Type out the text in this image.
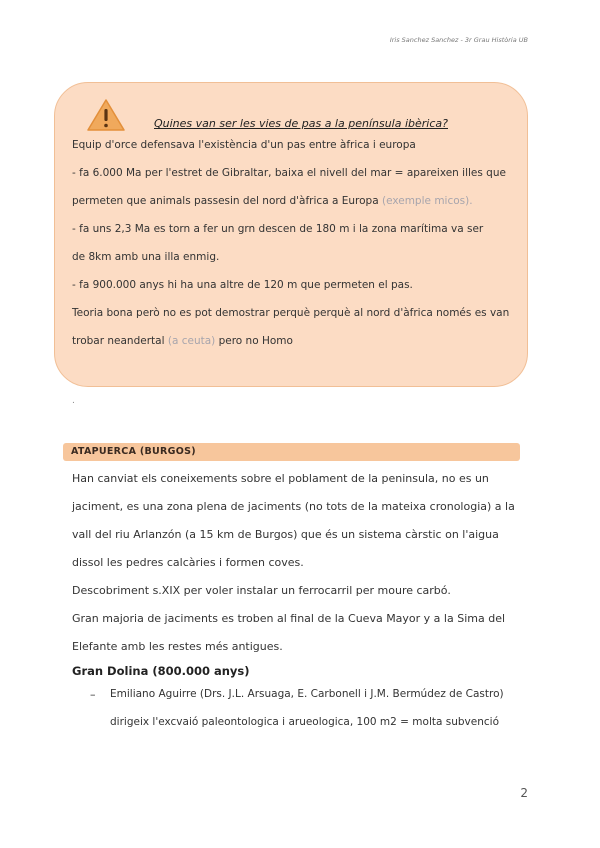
Iris Sanchez Sanchez - 3r Grau Història UB
Quines van ser les vies de pas a la península ibèrica?
Equip d'orce defensava l'existència d'un pas entre àfrica i europa
- fa 6.000 Ma per l'estret de Gibraltar, baixa el nivell del mar = apareixen illes que
permeten que animals passesin del nord d'àfrica a Europa (exemple micos).
- fa uns 2,3 Ma es torn a fer un grn descen de 180 m i la zona marítima va ser
de 8km amb una illa enmig.
- fa 900.000 anys hi ha una altre de 120 m que permeten el pas.
Teoria bona però no es pot demostrar perquè perquè al nord d'àfrica només es van
trobar neandertal (a ceuta) pero no Homo
.
ATAPUERCA (BURGOS)
Han canviat els coneixements sobre el poblament de la peninsula, no es un
jaciment, es una zona plena de jaciments (no tots de la mateixa cronologia) a la
vall del riu Arlanzón (a 15 km de Burgos) que és un sistema càrstic on l'aigua
dissol les pedres calcàries i formen coves.
Descobriment s.XIX per voler instalar un ferrocarril per moure carbó.
Gran majoria de jaciments es troben al final de la Cueva Mayor y a la Sima del
Elefante amb les restes més antigues.
Gran Dolina (800.000 anys)
– Emiliano Aguirre (Drs. J.L. Arsuaga, E. Carbonell i J.M. Bermúdez de Castro)
dirigeix l'excvaió paleontologica i arueologica, 100 m2 = molta subvenció
2
